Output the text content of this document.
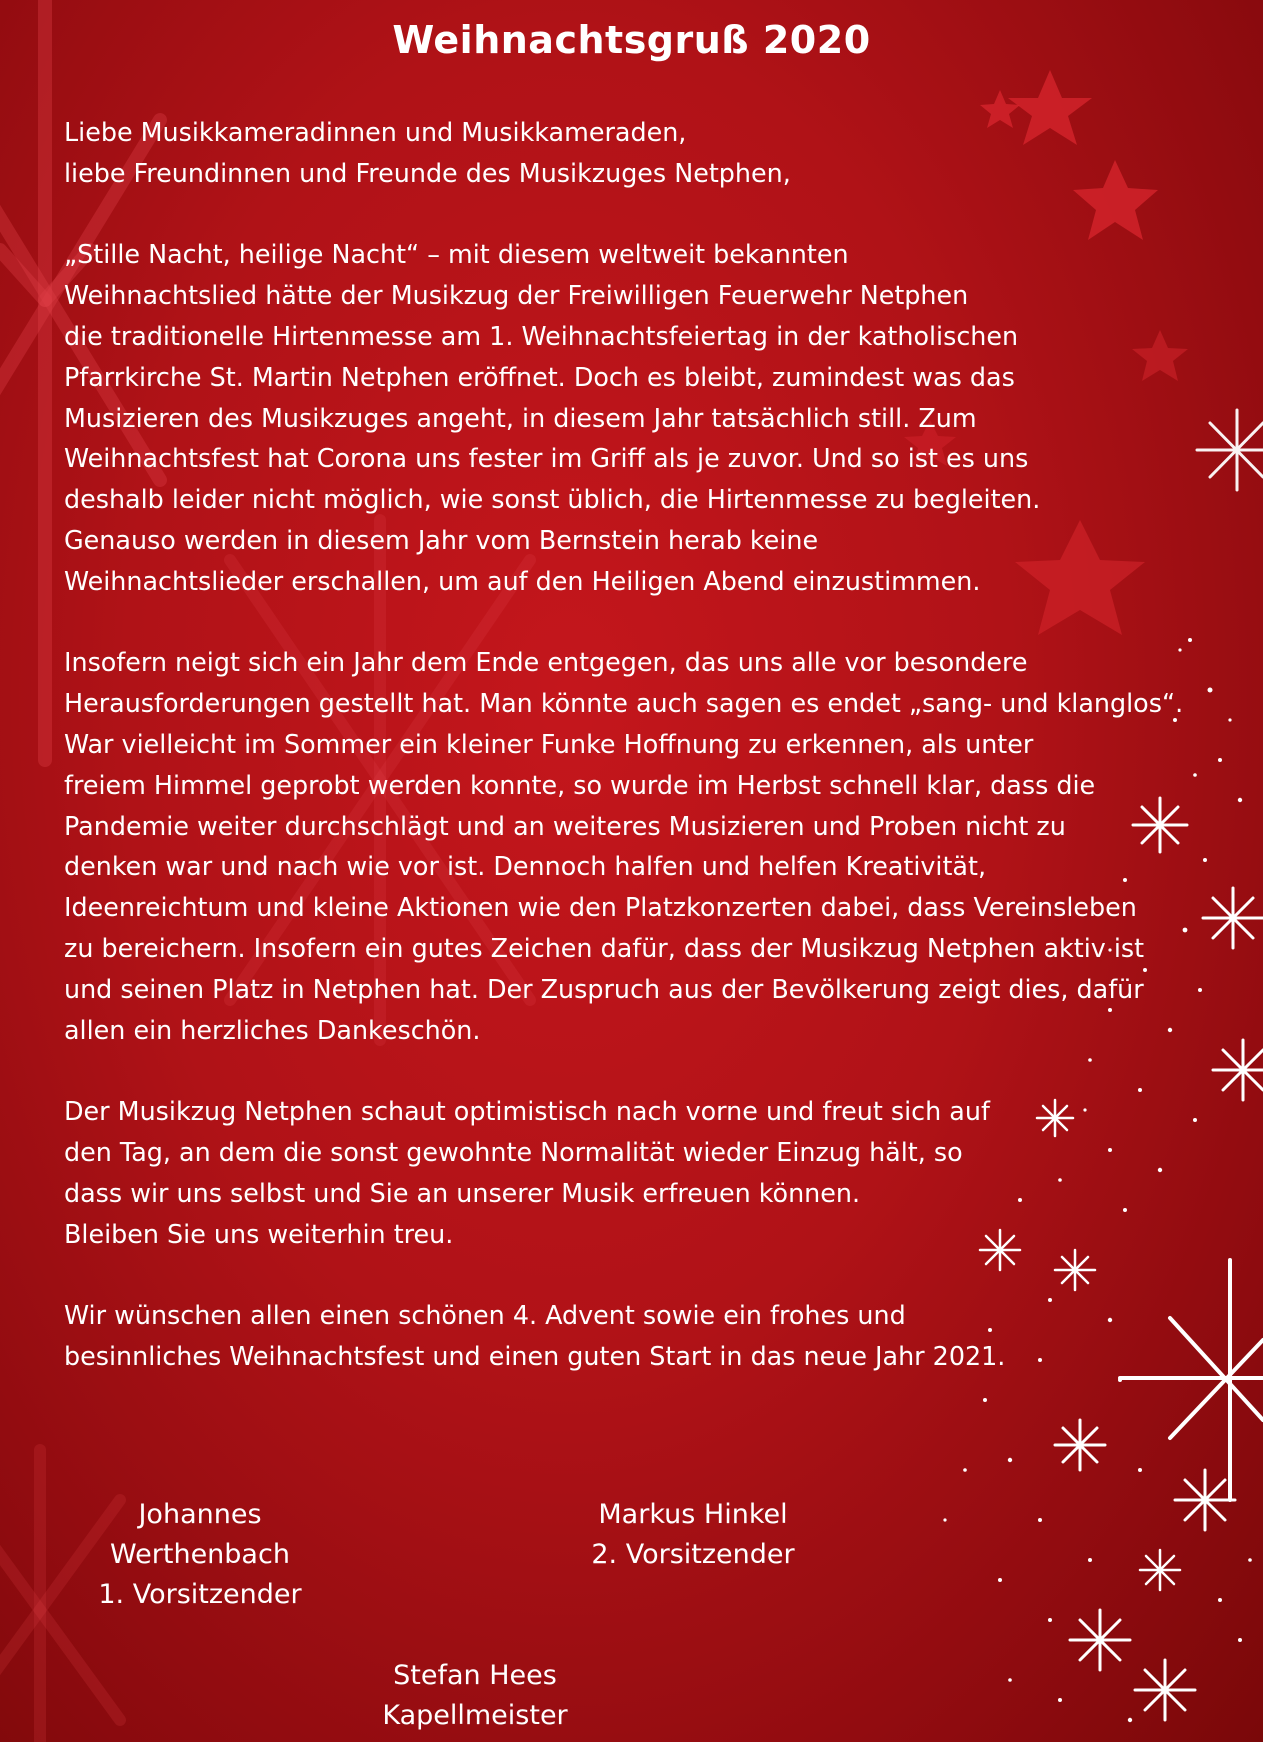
Weihnachtsgruß 2020
Liebe Musikkameradinnen und Musikkameraden,
liebe Freundinnen und Freunde des Musikzuges Netphen,
„Stille Nacht, heilige Nacht“ – mit diesem weltweit bekannten
Weihnachtslied hätte der Musikzug der Freiwilligen Feuerwehr Netphen
die traditionelle Hirtenmesse am 1. Weihnachtsfeiertag in der katholischen
Pfarrkirche St. Martin Netphen eröffnet. Doch es bleibt, zumindest was das
Musizieren des Musikzuges angeht, in diesem Jahr tatsächlich still. Zum
Weihnachtsfest hat Corona uns fester im Griff als je zuvor. Und so ist es uns
deshalb leider nicht möglich, wie sonst üblich, die Hirtenmesse zu begleiten.
Genauso werden in diesem Jahr vom Bernstein herab keine
Weihnachtslieder erschallen, um auf den Heiligen Abend einzustimmen.
Insofern neigt sich ein Jahr dem Ende entgegen, das uns alle vor besondere
Herausforderungen gestellt hat. Man könnte auch sagen es endet „sang- und klanglos“.
War vielleicht im Sommer ein kleiner Funke Hoffnung zu erkennen, als unter
freiem Himmel geprobt werden konnte, so wurde im Herbst schnell klar, dass die
Pandemie weiter durchschlägt und an weiteres Musizieren und Proben nicht zu
denken war und nach wie vor ist. Dennoch halfen und helfen Kreativität,
Ideenreichtum und kleine Aktionen wie den Platzkonzerten dabei, dass Vereinsleben
zu bereichern. Insofern ein gutes Zeichen dafür, dass der Musikzug Netphen aktiv ist
und seinen Platz in Netphen hat. Der Zuspruch aus der Bevölkerung zeigt dies, dafür
allen ein herzliches Dankeschön.
Der Musikzug Netphen schaut optimistisch nach vorne und freut sich auf
den Tag, an dem die sonst gewohnte Normalität wieder Einzug hält, so
dass wir uns selbst und Sie an unserer Musik erfreuen können.
Bleiben Sie uns weiterhin treu.
Wir wünschen allen einen schönen 4. Advent sowie ein frohes und
besinnliches Weihnachtsfest und einen guten Start in das neue Jahr 2021.
Johannes Werthenbach
1. Vorsitzender
Markus Hinkel
2. Vorsitzender
Stefan Hees
Kapellmeister
